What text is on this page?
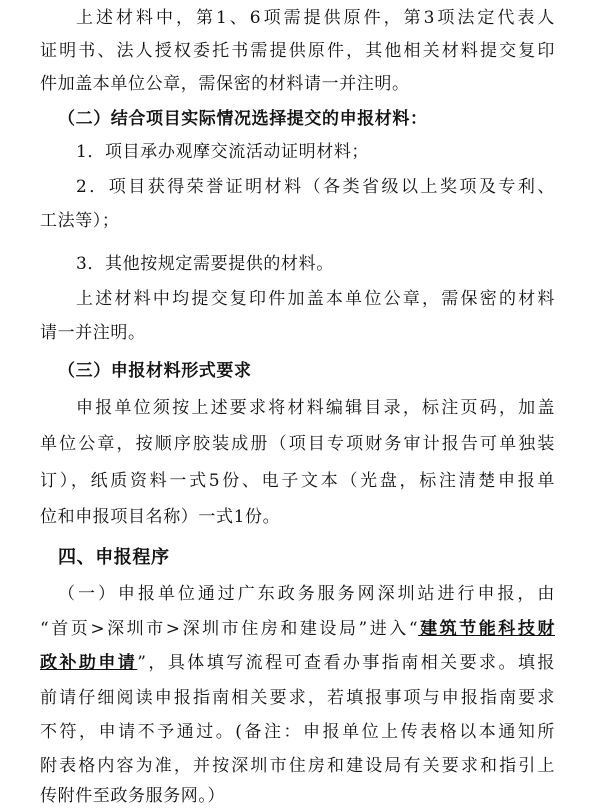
上述材料中，第1、6项需提供原件，第3项法定代表人
证明书、法人授权委托书需提供原件，其他相关材料提交复印
件加盖本单位公章，需保密的材料请一并注明。
（二）结合项目实际情况选择提交的申报材料：
1．项目承办观摩交流活动证明材料；
2．项目获得荣誉证明材料（各类省级以上奖项及专利、
工法等）；
3．其他按规定需要提供的材料。
上述材料中均提交复印件加盖本单位公章，需保密的材料
请一并注明。
（三）申报材料形式要求
申报单位须按上述要求将材料编辑目录，标注页码，加盖
单位公章，按顺序胶装成册（项目专项财务审计报告可单独装
订），纸质资料一式5份、电子文本（光盘，标注清楚申报单
位和申报项目名称）一式1份。
四、申报程序
（一）申报单位通过广东政务服务网深圳站进行申报，由
“首页>深圳市>深圳市住房和建设局”进入“建筑节能科技财
政补助申请”，具体填写流程可查看办事指南相关要求。填报
前请仔细阅读申报指南相关要求，若填报事项与申报指南要求
不符，申请不予通过。(备注：申报单位上传表格以本通知所
附表格内容为准，并按深圳市住房和建设局有关要求和指引上
传附件至政务服务网。）
